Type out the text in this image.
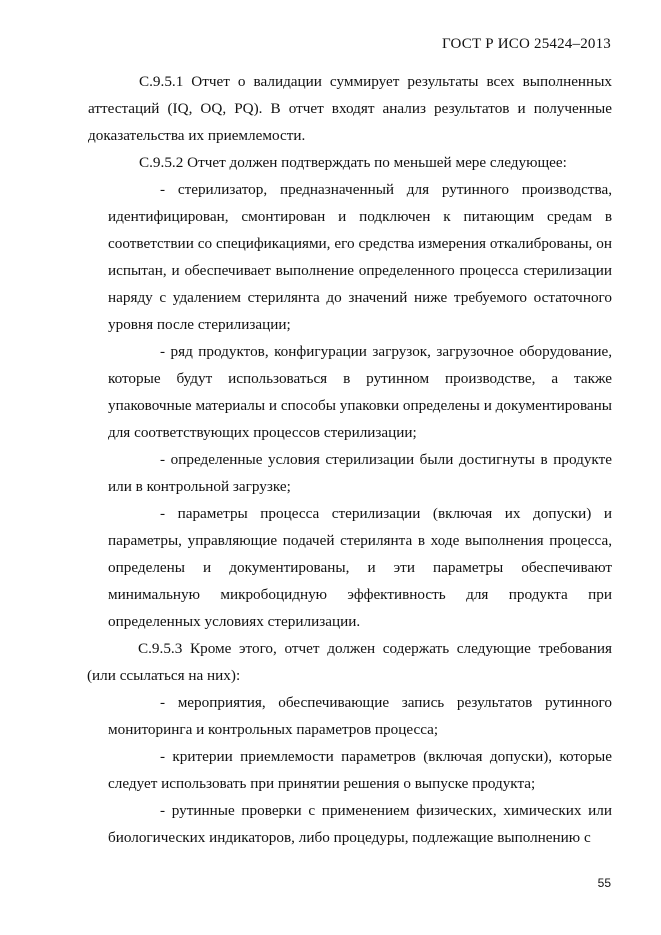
ГОСТ Р ИСО 25424–2013

С.9.5.1 Отчет о валидации суммирует результаты всех выполненных аттестаций (IQ, OQ, PQ). В отчет входят анализ результатов и полученные доказательства их приемлемости.

С.9.5.2 Отчет должен подтверждать по меньшей мере следующее:

- стерилизатор, предназначенный для рутинного производства, идентифицирован, смонтирован и подключен к питающим средам в соответствии со спецификациями, его средства измерения откалиброваны, он испытан, и обеспечивает выполнение определенного процесса стерилизации наряду с удалением стерилянта до значений ниже требуемого остаточного уровня после стерилизации;

- ряд продуктов, конфигурации загрузок, загрузочное оборудование, которые будут использоваться в рутинном производстве, а также упаковочные материалы и способы упаковки определены и документированы для соответствующих процессов стерилизации;

- определенные условия стерилизации были достигнуты в продукте или в контрольной загрузке;

- параметры процесса стерилизации (включая их допуски) и параметры, управляющие подачей стерилянта в ходе выполнения процесса, определены и документированы, и эти параметры обеспечивают минимальную микробоцидную эффективность для продукта при определенных условиях стерилизации.

С.9.5.3 Кроме этого, отчет должен содержать следующие требования (или ссылаться на них):

- мероприятия, обеспечивающие запись результатов рутинного мониторинга и контрольных параметров процесса;

- критерии приемлемости параметров (включая допуски), которые следует использовать при принятии решения о выпуске продукта;

- рутинные проверки с применением физических, химических или биологических индикаторов, либо процедуры, подлежащие выполнению с

55
